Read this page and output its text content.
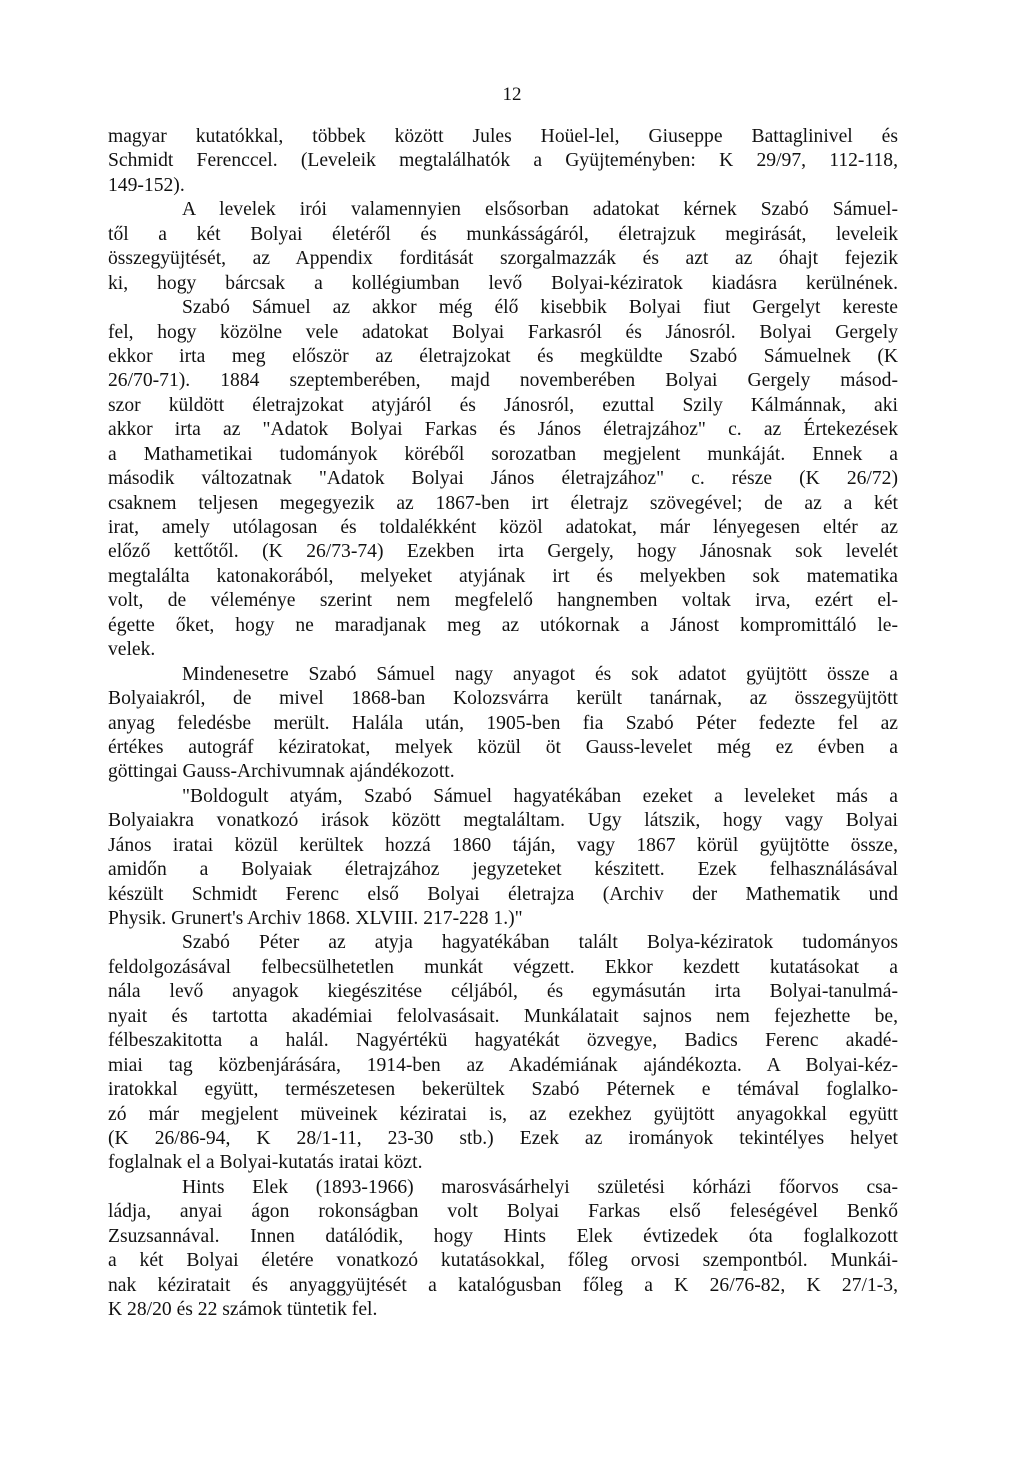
12
magyar kutatókkal, többek között Jules Hoüel-lel, Giuseppe Battaglinivel és
Schmidt Ferenccel. (Leveleik megtalálhatók a Gyüjteményben: K 29/97, 112-118,
149-152).
A levelek irói valamennyien elsősorban adatokat kérnek Szabó Sámuel-
től a két Bolyai életéről és munkásságáról, életrajzuk megirását, leveleik
összegyüjtését, az Appendix forditását szorgalmazzák és azt az óhajt fejezik
ki, hogy bárcsak a kollégiumban levő Bolyai-kéziratok kiadásra kerülnének.
Szabó Sámuel az akkor még élő kisebbik Bolyai fiut Gergelyt kereste
fel, hogy közölne vele adatokat Bolyai Farkasról és Jánosról. Bolyai Gergely
ekkor irta meg először az életrajzokat és megküldte Szabó Sámuelnek (K
26/70-71). 1884 szeptemberében, majd novemberében Bolyai Gergely másod-
szor küldött életrajzokat atyjáról és Jánosról, ezuttal Szily Kálmánnak, aki
akkor irta az "Adatok Bolyai Farkas és János életrajzához" c. az Értekezések
a Mathametikai tudományok köréből sorozatban megjelent munkáját. Ennek a
második változatnak "Adatok Bolyai János életrajzához" c. része (K 26/72)
csaknem teljesen megegyezik az 1867-ben irt életrajz szövegével; de az a két
irat, amely utólagosan és toldalékként közöl adatokat, már lényegesen eltér az
előző kettőtől. (K 26/73-74) Ezekben irta Gergely, hogy Jánosnak sok levelét
megtalálta katonakorából, melyeket atyjának irt és melyekben sok matematika
volt, de véleménye szerint nem megfelelő hangnemben voltak irva, ezért el-
égette őket, hogy ne maradjanak meg az utókornak a Jánost kompromittáló le-
velek.
Mindenesetre Szabó Sámuel nagy anyagot és sok adatot gyüjtött össze a
Bolyaiakról, de mivel 1868-ban Kolozsvárra került tanárnak, az összegyüjtött
anyag feledésbe merült. Halála után, 1905-ben fia Szabó Péter fedezte fel az
értékes autográf kéziratokat, melyek közül öt Gauss-levelet még ez évben a
göttingai Gauss-Archivumnak ajándékozott.
"Boldogult atyám, Szabó Sámuel hagyatékában ezeket a leveleket más a
Bolyaiakra vonatkozó irások között megtaláltam. Ugy látszik, hogy vagy Bolyai
János iratai közül kerültek hozzá 1860 táján, vagy 1867 körül gyüjtötte össze,
amidőn a Bolyaiak életrajzához jegyzeteket készitett. Ezek felhasználásával
készült Schmidt Ferenc első Bolyai életrajza (Archiv der Mathematik und
Physik. Grunert's Archiv 1868. XLVIII. 217-228 1.)"
Szabó Péter az atyja hagyatékában talált Bolya-kéziratok tudományos
feldolgozásával felbecsülhetetlen munkát végzett. Ekkor kezdett kutatásokat a
nála levő anyagok kiegészitése céljából, és egymásután irta Bolyai-tanulmá-
nyait és tartotta akadémiai felolvasásait. Munkálatait sajnos nem fejezhette be,
félbeszakitotta a halál. Nagyértékü hagyatékát özvegye, Badics Ferenc akadé-
miai tag közbenjárására, 1914-ben az Akadémiának ajándékozta. A Bolyai-kéz-
iratokkal együtt, természetesen bekerültek Szabó Péternek e témával foglalko-
zó már megjelent müveinek kéziratai is, az ezekhez gyüjtött anyagokkal együtt
(K 26/86-94, K 28/1-11, 23-30 stb.) Ezek az irományok tekintélyes helyet
foglalnak el a Bolyai-kutatás iratai közt.
Hints Elek (1893-1966) marosvásárhelyi születési kórházi főorvos csa-
ládja, anyai ágon rokonságban volt Bolyai Farkas első feleségével Benkő
Zsuzsannával. Innen datálódik, hogy Hints Elek évtizedek óta foglalkozott
a két Bolyai életére vonatkozó kutatásokkal, főleg orvosi szempontból. Munkái-
nak kéziratait és anyaggyüjtését a katalógusban főleg a K 26/76-82, K 27/1-3,
K 28/20 és 22 számok tüntetik fel.
